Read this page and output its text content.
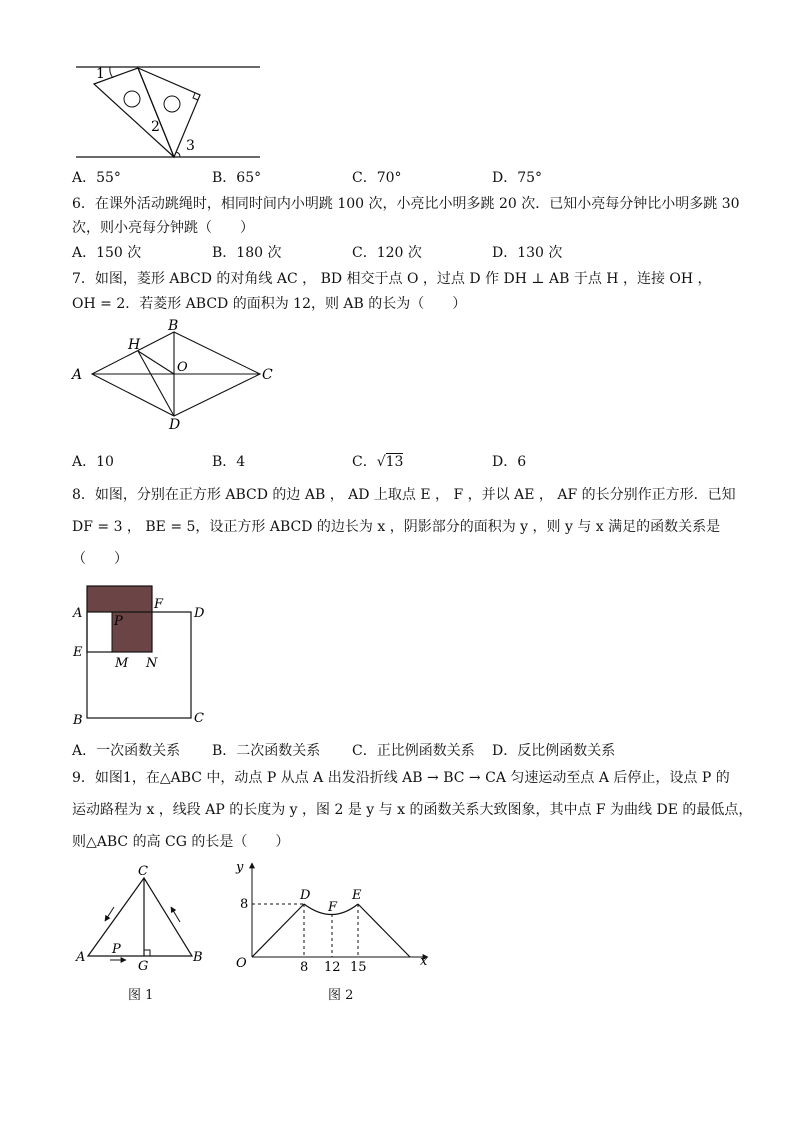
1
2
3
A．55°	B．65°	C．70°	D．75°
6．在课外活动跳绳时，相同时间内小明跳 100 次，小亮比小明多跳 20 次．已知小亮每分钟比小明多跳 30
次，则小亮每分钟跳（　　）
A．150 次	B．180 次	C．120 次	D．130 次
7．如图，菱形 ABCD 的对角线 AC ， BD 相交于点 O ，过点 D 作 DH ⊥ AB 于点 H ，连接 OH ，
OH = 2．若菱形 ABCD 的面积为 12，则 AB 的长为（　　）
A
B
C
D
H
O
A．10	B．4	C．√13	D．6
8．如图，分别在正方形 ABCD 的边 AB ， AD 上取点 E ， F ，并以 AE ， AF 的长分别作正方形．已知
DF = 3 ， BE = 5，设正方形 ABCD 的边长为 x ，阴影部分的面积为 y ，则 y 与 x 满足的函数关系是
（　　）
A
F
D
P
E
M N
B	C
A．一次函数关系 B．二次函数关系 C．正比例函数关系 D．反比例函数关系
9．如图1，在△ABC 中，动点 P 从点 A 出发沿折线 AB → BC → CA 匀速运动至点 A 后停止，设点 P 的
运动路程为 x ，线段 AP 的长度为 y ，图 2 是 y 与 x 的函数关系大致图象，其中点 F 为曲线 DE 的最低点，
则△ABC 的高 CG 的长是（　　）
C
A
P
G
B
y
x
O
D
F
E
8
8 12 15
图 1	图 2
